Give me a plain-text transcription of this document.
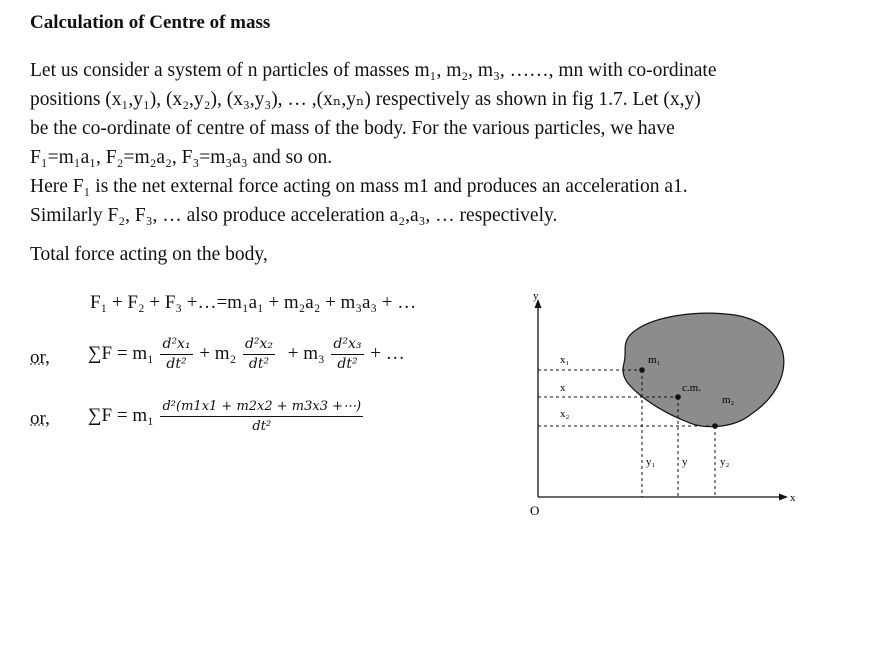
Calculation of Centre of mass

Let us consider a system of n particles of masses m₁, m₂, m₃, ……, mn with co-ordinate

positions (x₁,y₁), (x₂,y₂), (x₃,y₃), … ,(xₙ,yₙ) respectively as shown in fig 1.7. Let (x,y)

be the co-ordinate of centre of mass of the body. For the various particles, we have

F₁=m₁a₁, F₂=m₂a₂, F₃=m₃a₃ and so on.

Here F₁ is the net external force acting on mass m1 and produces an acceleration a1.

Similarly F₂, F₃, … also produce acceleration a₂,a₃, … respectively.

Total force acting on the body,
F₁ + F₂ + F₃ +…=m₁a₁ + m₂a₂ + m₃a₃ + …
or, $\sum F = m_1 \frac{\text{d²x₁}}{\text{dt²}} + m_2 \frac{\text{d²x₂}}{\text{dt²}} + m_3 \frac{\text{d²x₃}}{\text{dt²}}$ + …
or, $\sum F = m_1 \frac{\text{d²(m1x1 + m2x2 + m3x3 +⋯)}}{\text{dt²}}$
y
x
O
x₁
x
x₂
m₁
c.m.
m₂
y₁ y	y₂
